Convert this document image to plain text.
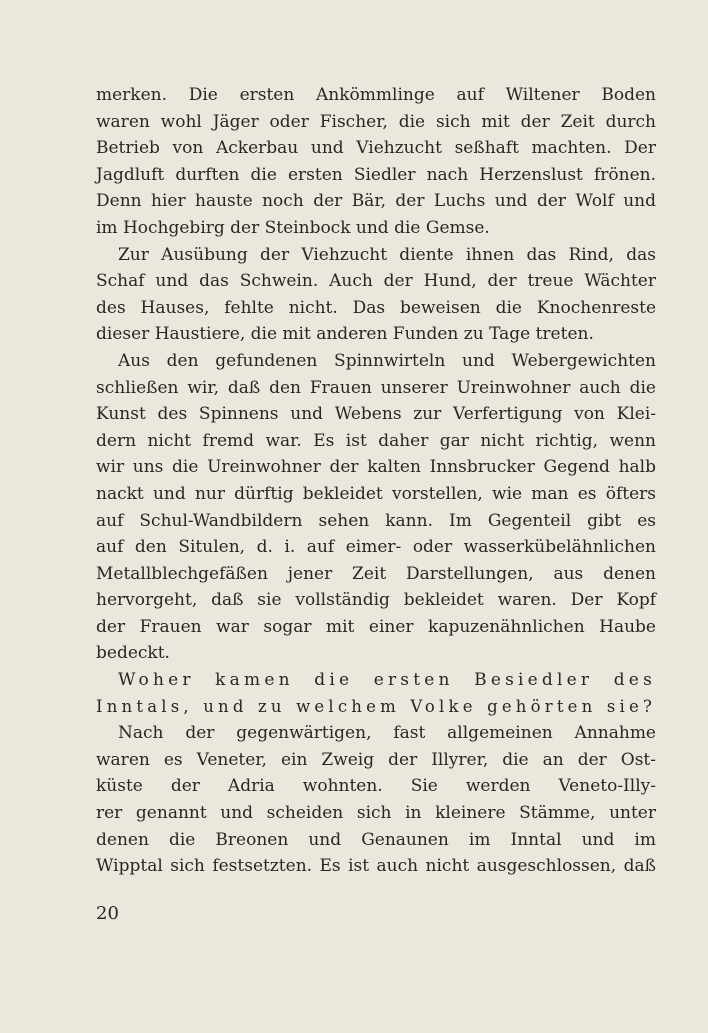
merken. Die ersten Ankömmlinge auf Wiltener Boden
waren wohl Jäger oder Fischer, die sich mit der Zeit durch
Betrieb von Ackerbau und Viehzucht seßhaft machten. Der
Jagdluft durften die ersten Siedler nach Herzenslust frönen.
Denn hier hauste noch der Bär, der Luchs und der Wolf und
im Hochgebirg der Steinbock und die Gemse.
Zur Ausübung der Viehzucht diente ihnen das Rind, das
Schaf und das Schwein. Auch der Hund, der treue Wächter
des Hauses, fehlte nicht. Das beweisen die Knochenreste
dieser Haustiere, die mit anderen Funden zu Tage treten.
Aus den gefundenen Spinnwirteln und Webergewichten
schließen wir, daß den Frauen unserer Ureinwohner auch die
Kunst des Spinnens und Webens zur Verfertigung von Klei-
dern nicht fremd war. Es ist daher gar nicht richtig, wenn
wir uns die Ureinwohner der kalten Innsbrucker Gegend halb
nackt und nur dürftig bekleidet vorstellen, wie man es öfters
auf Schul-Wandbildern sehen kann. Im Gegenteil gibt es
auf den Situlen, d. i. auf eimer- oder wasserkübelähnlichen
Metallblechgefäßen jener Zeit Darstellungen, aus denen
hervorgeht, daß sie vollständig bekleidet waren. Der Kopf
der Frauen war sogar mit einer kapuzenähnlichen Haube
bedeckt.
Woher kamen die ersten Besiedler des
Inntals, und zu welchem Volke gehörten sie?
Nach der gegenwärtigen, fast allgemeinen Annahme
waren es Veneter, ein Zweig der Illyrer, die an der Ost-
küste der Adria wohnten. Sie werden Veneto-Illy-
rer genannt und scheiden sich in kleinere Stämme, unter
denen die Breonen und Genaunen im Inntal und im
Wipptal sich festsetzten. Es ist auch nicht ausgeschlossen, daß
20
